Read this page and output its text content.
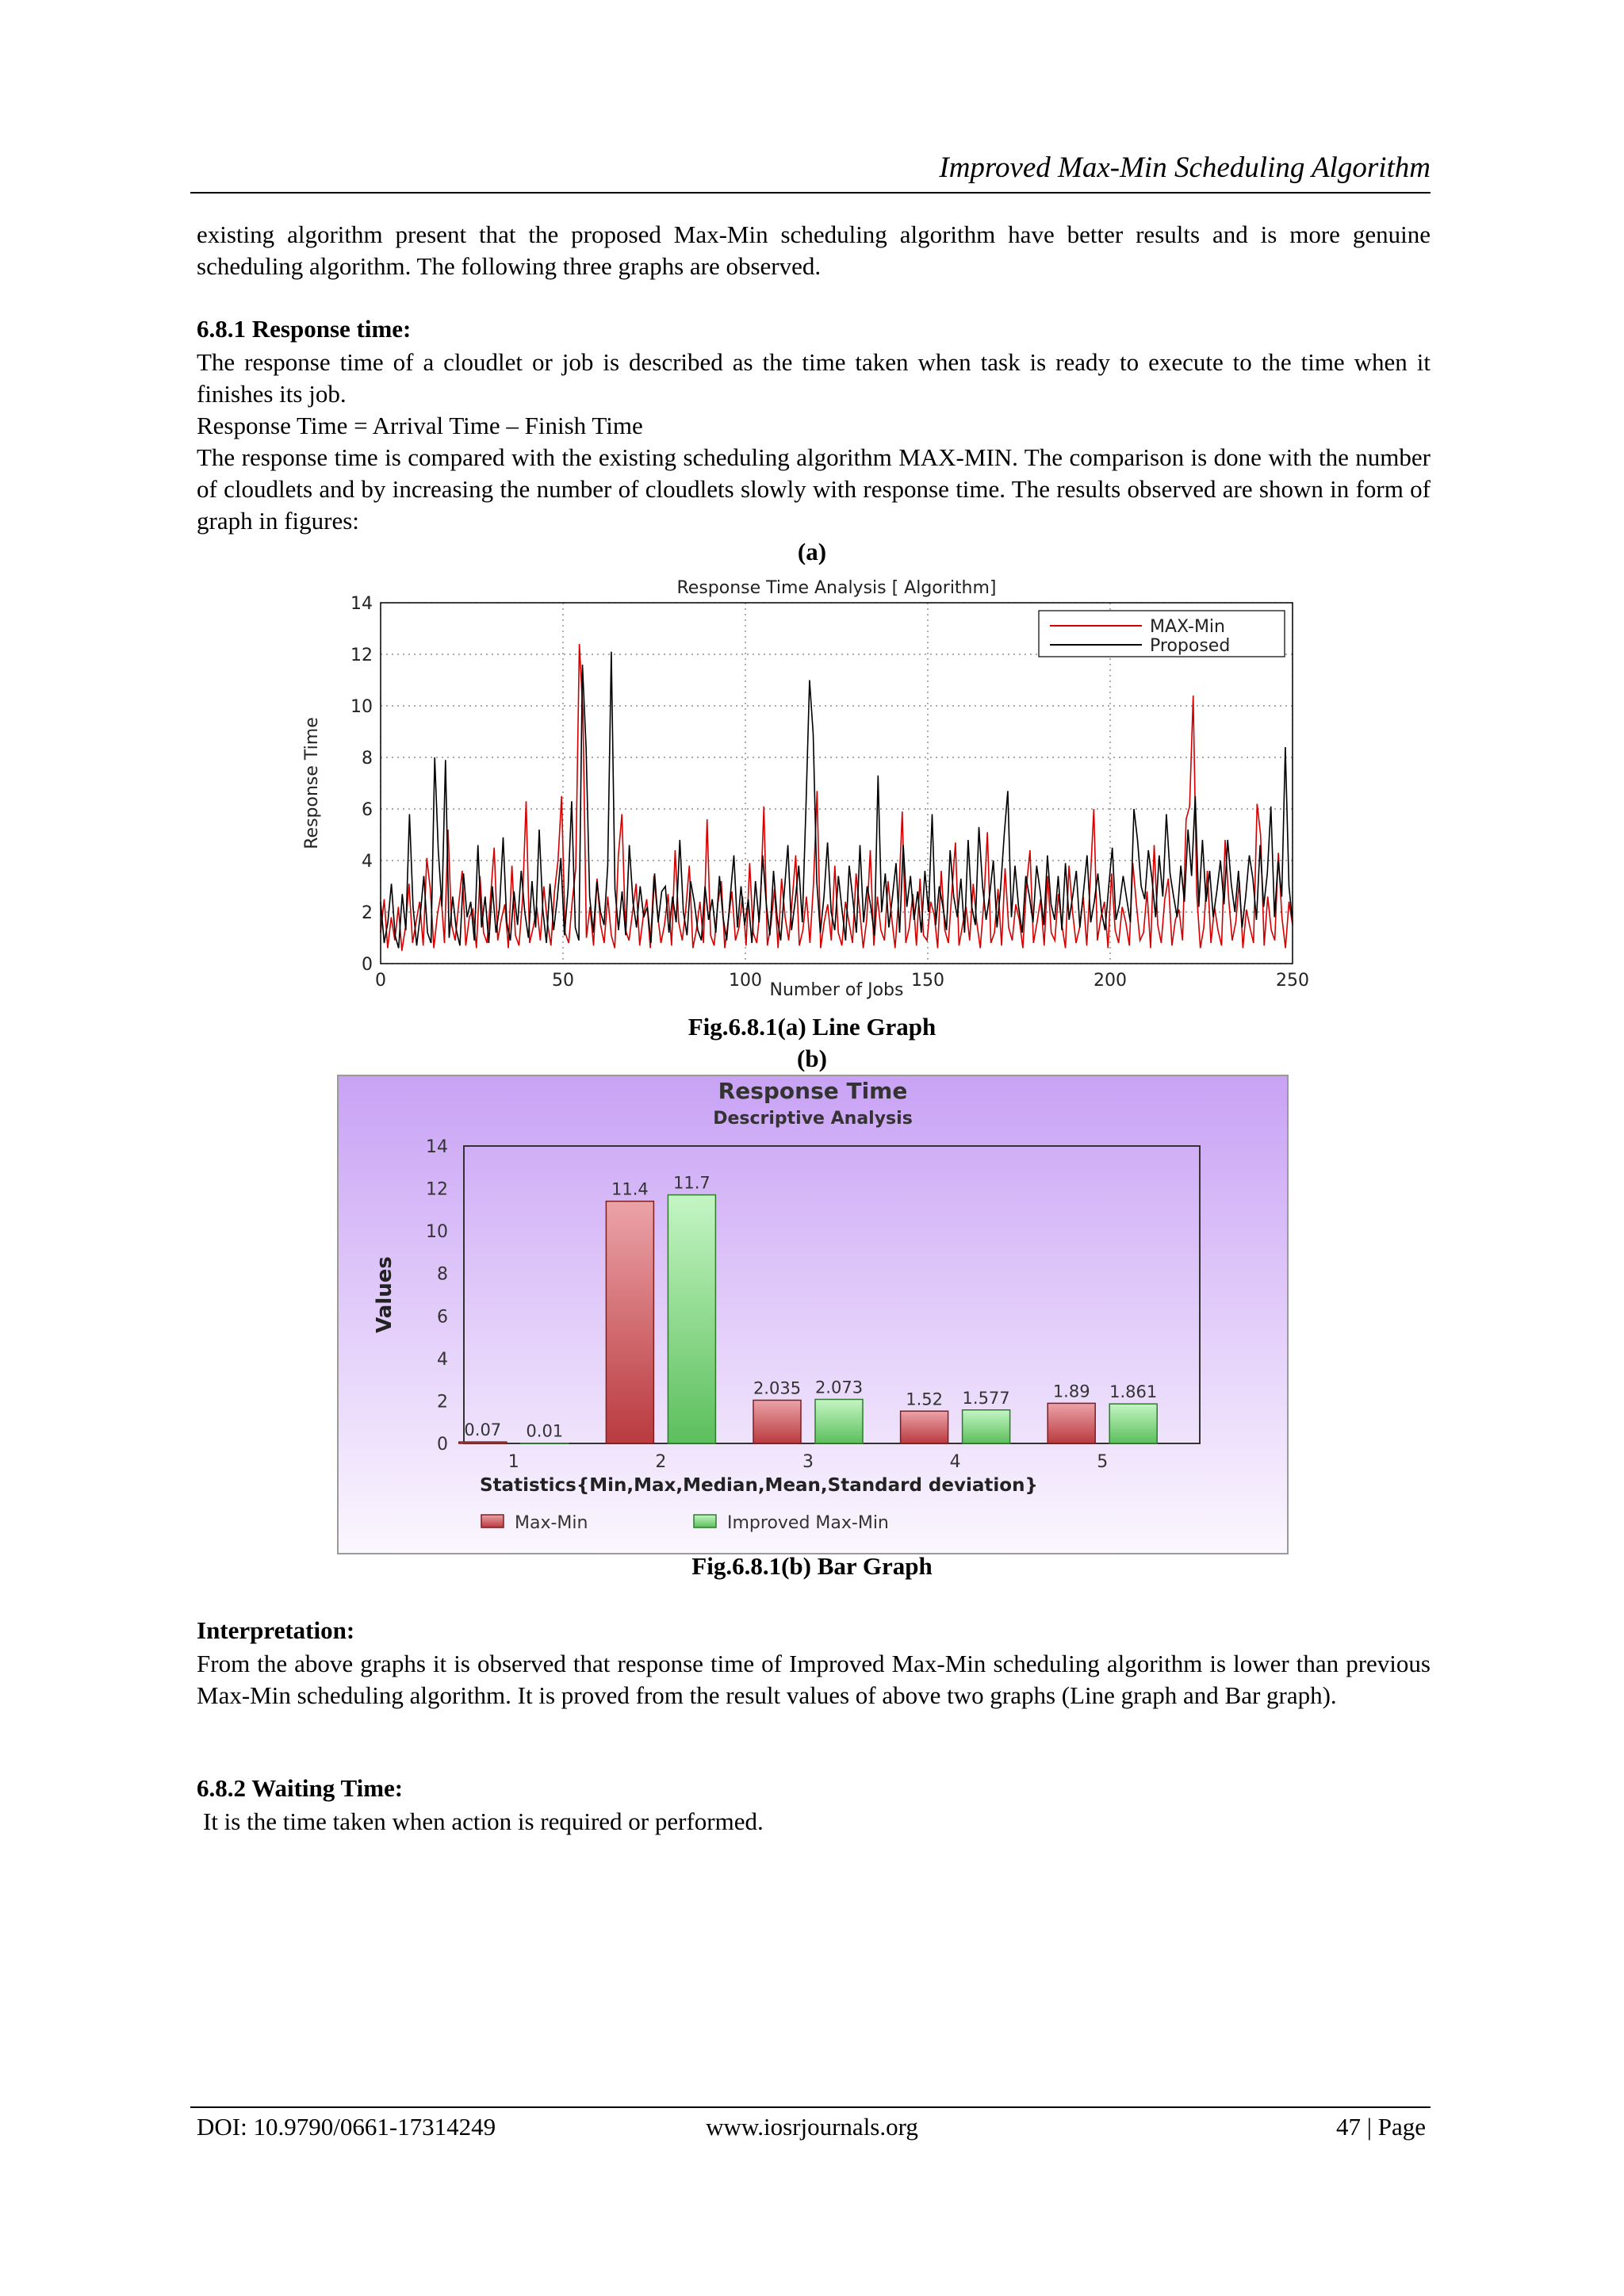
Improved Max-Min Scheduling Algorithm
existing algorithm present that the proposed Max-Min scheduling algorithm have better results and is more genuine scheduling algorithm. The following three graphs are observed.
6.8.1 Response time:
The response time of a cloudlet or job is described as the time taken when task is ready to execute to the time when it finishes its job.
Response Time = Arrival Time – Finish Time
The response time is compared with the existing scheduling algorithm MAX-MIN. The comparison is done with the number of cloudlets and by increasing the number of cloudlets slowly with response time. The results observed are shown in form of graph in figures:
(a)
Response Time Analysis [ Algorithm]
0
2
4
6
8
10
12
14
0	50	100	150	200	250
MAX-Min
Proposed
Number of Jobs
Response Time
Fig.6.8.1(a) Line Graph
(b)
Response Time
Descriptive Analysis
0
2
4
6
8
10
12
14
Values
0.07 0.01
1
11.4 11.7
2
2.035 2.073
3
1.52 1.577
4
1.89 1.861
5
Statistics{Min,Max,Median,Mean,Standard deviation}
Max-Min	Improved Max-Min
Fig.6.8.1(b) Bar Graph
Interpretation:
From the above graphs it is observed that response time of Improved Max-Min scheduling algorithm is lower than previous Max-Min scheduling algorithm. It is proved from the result values of above two graphs (Line graph and Bar graph).
6.8.2 Waiting Time:
It is the time taken when action is required or performed.
DOI: 10.9790/0661-17314249	www.iosrjournals.org	47 | Page
